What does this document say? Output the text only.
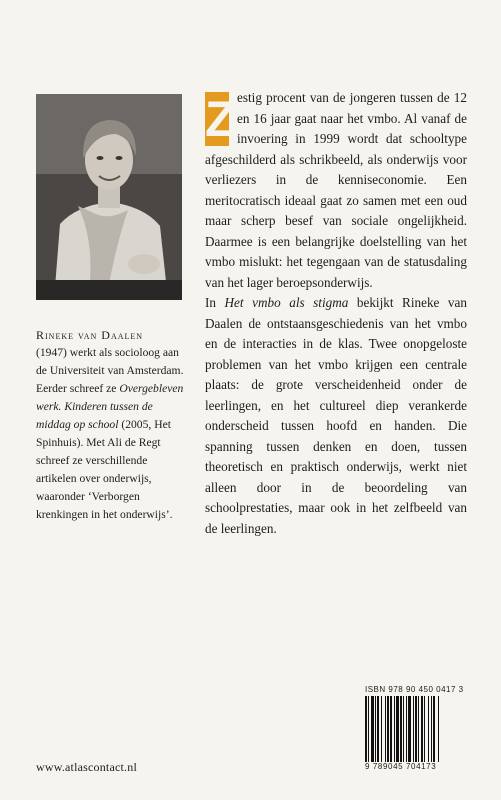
Rineke van Daalen

(1947) werkt als socioloog aan de Universiteit van Amsterdam. Eerder schreef ze Overgebleven werk. Kinderen tussen de middag op school (2005, Het Spinhuis). Met Ali de Regt schreef ze verschillende artikelen over onderwijs, waaronder ‘Verborgen krenkingen in het onderwijs’.

Z estig procent van de jongeren tussen de 12 en 16 jaar gaat naar het vmbo. Al vanaf de invoering in 1999 wordt dat schooltype afgeschilderd als schrikbeeld, als onderwijs voor verliezers in de kenniseconomie. Een meritocratisch ideaal gaat zo samen met een oud maar scherp besef van sociale ongelijkheid. Daarmee is een belangrijke doelstelling van het vmbo mislukt: het tegengaan van de statusdaling van het lager beroepsonderwijs.

In Het vmbo als stigma bekijkt Rineke van Daalen de ontstaansgeschiedenis van het vmbo en de interacties in de klas. Twee onopgeloste problemen van het vmbo krijgen een centrale plaats: de grote verscheidenheid onder de leerlingen, en het cultureel diep verankerde onderscheid tussen hoofd en handen. Die spanning tussen denken en doen, tussen theoretisch en praktisch onderwijs, werkt niet alleen door in de beoordeling van schoolprestaties, maar ook in het zelfbeeld van de leerlingen.

ISBN 978 90 450 0417 3
9 789045 704173
www.atlascontact.nl
